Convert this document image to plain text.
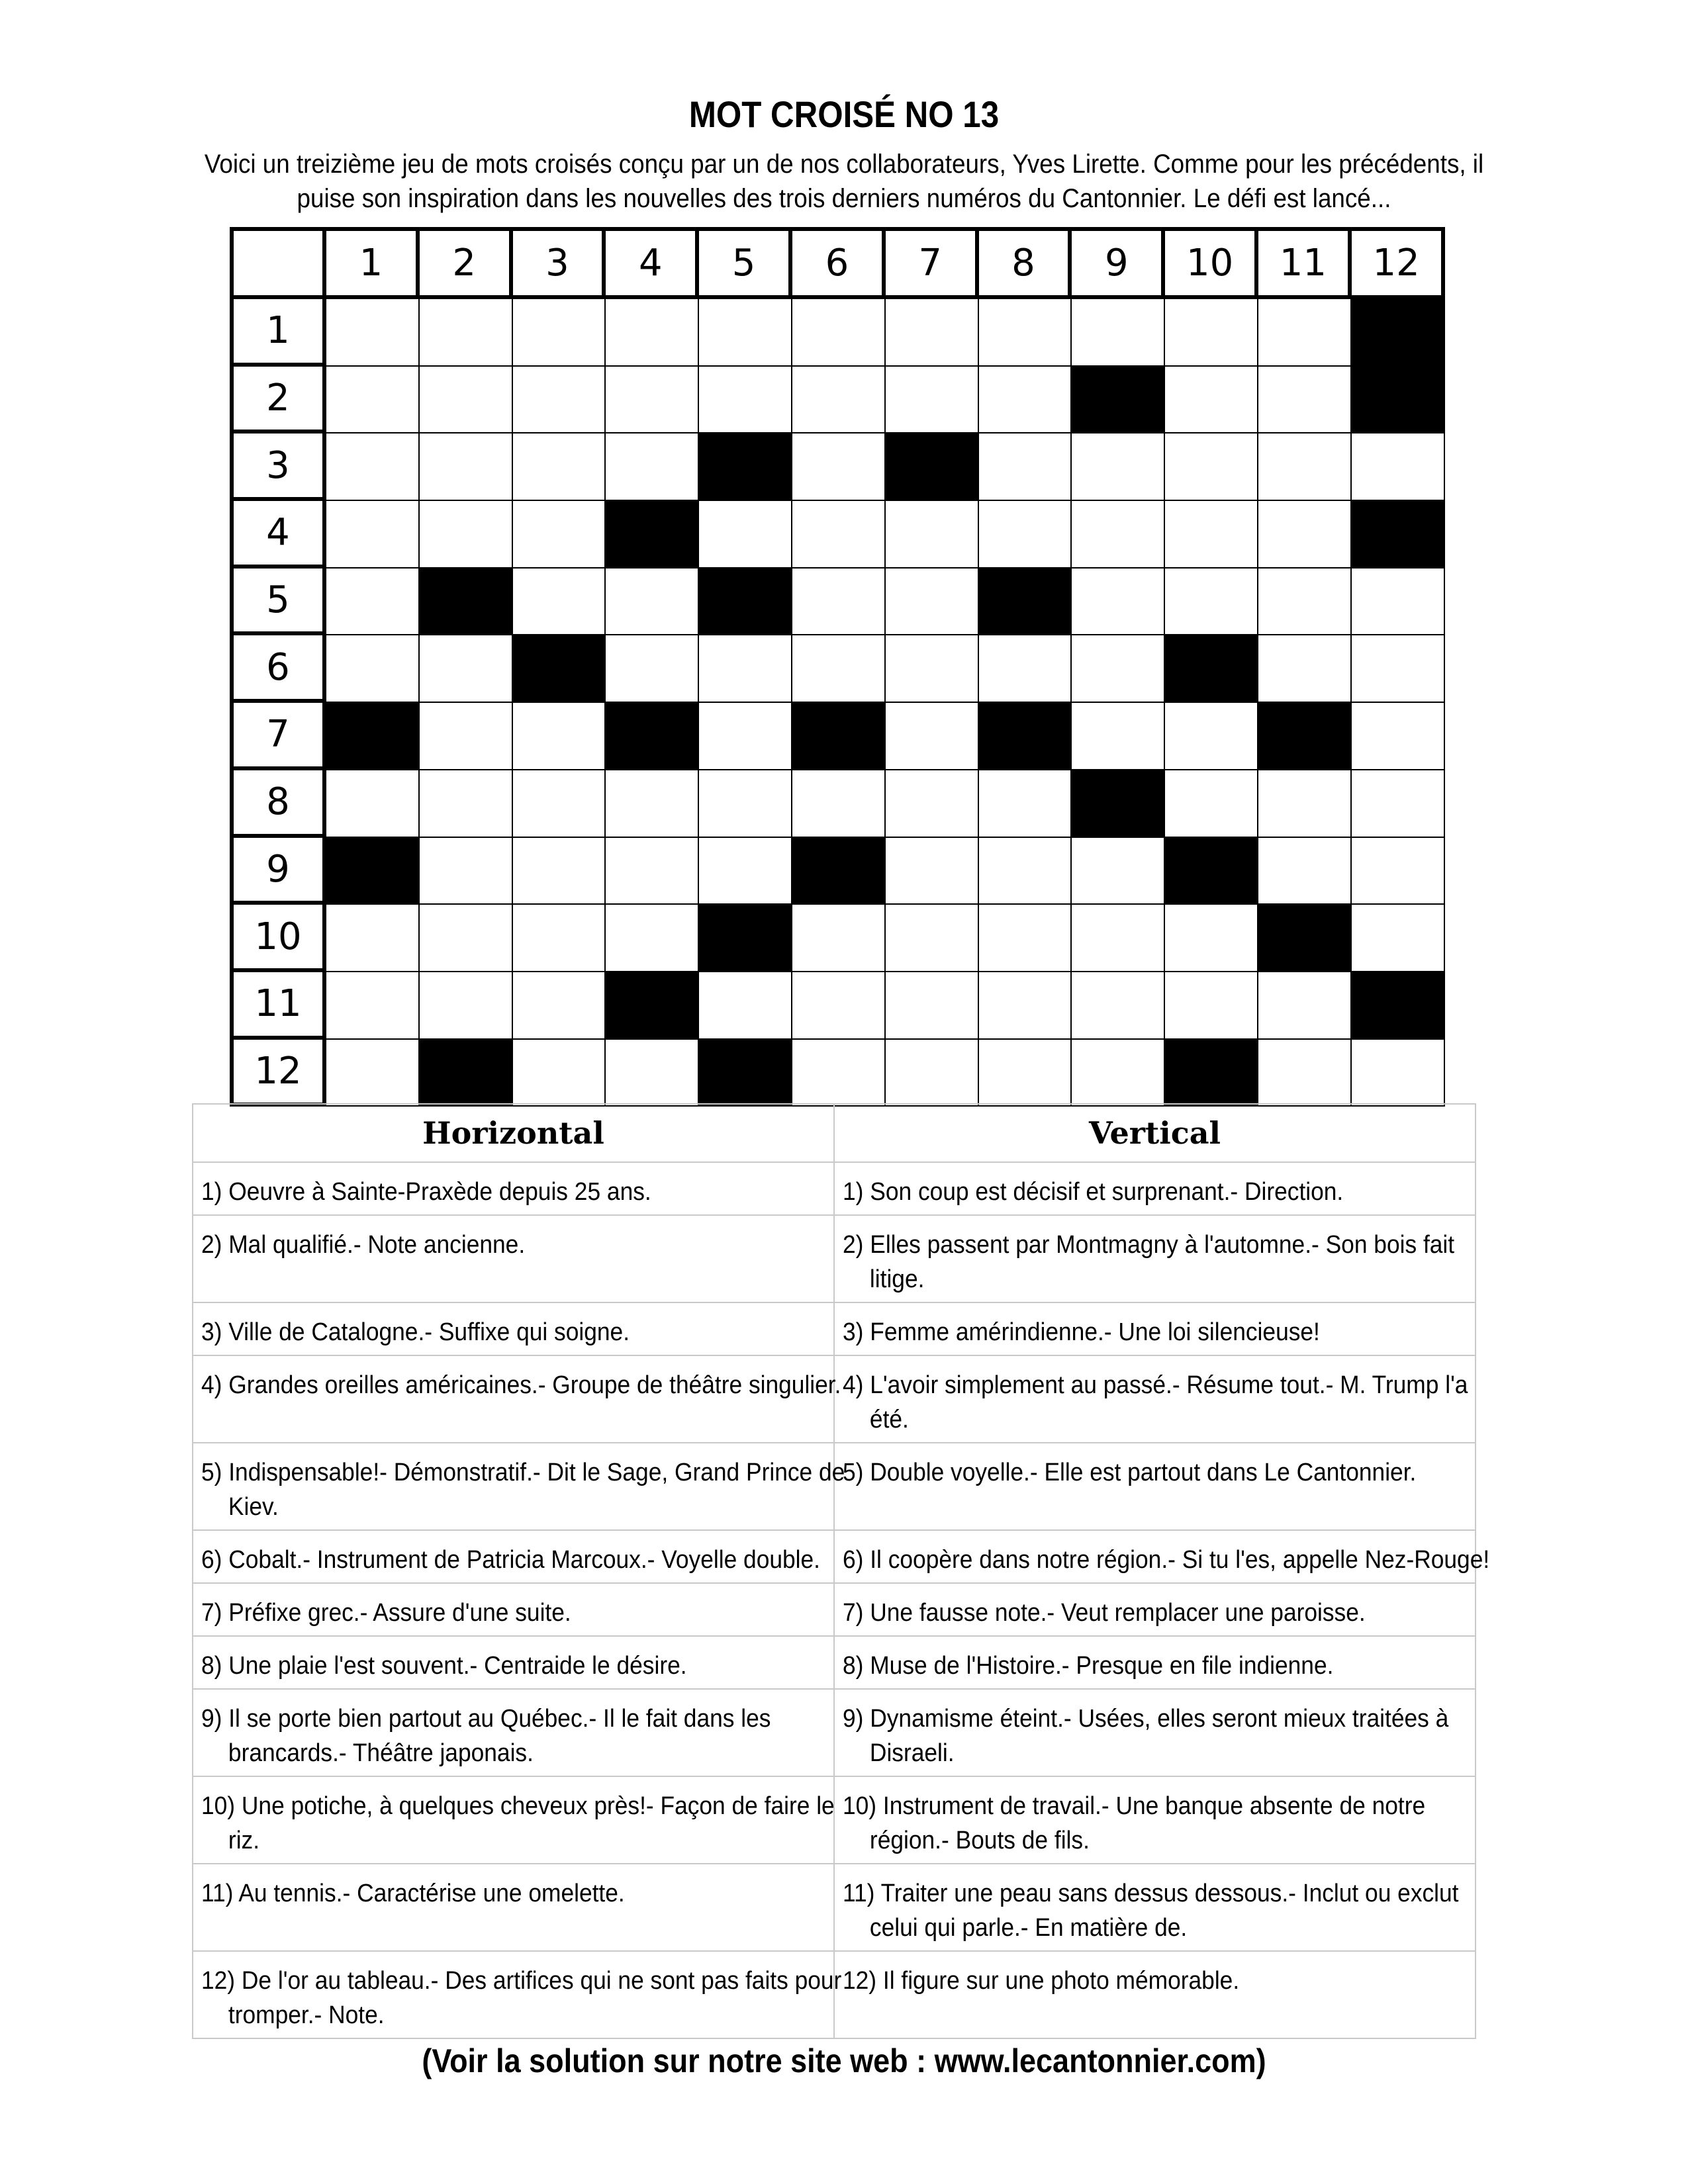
MOT CROISÉ NO 13
Voici un treizième jeu de mots croisés conçu par un de nos collaborateurs, Yves Lirette. Comme pour les précédents, il puise son inspiration dans les nouvelles des trois derniers numéros du Cantonnier. Le défi est lancé...
1	2	3	4	5	6	7	8	9	10	11	12
1
2
3
4
5
6
7
8
9
10
11
12
Horizontal	Vertical

1) Oeuvre à Sainte-Praxède depuis 25 ans.	1) Son coup est décisif et surprenant.- Direction.

2) Mal qualifié.- Note ancienne.	2) Elles passent par Montmagny à l'automne.- Son bois fait litige.

3) Ville de Catalogne.- Suffixe qui soigne.	3) Femme amérindienne.- Une loi silencieuse!

4) Grandes oreilles américaines.- Groupe de théâtre singulier.	4) L'avoir simplement au passé.- Résume tout.- M. Trump l'a été.

5) Indispensable!- Démonstratif.- Dit le Sage, Grand Prince de Kiev.	5) Double voyelle.- Elle est partout dans Le Cantonnier.

6) Cobalt.- Instrument de Patricia Marcoux.- Voyelle double.	6) Il coopère dans notre région.- Si tu l'es, appelle Nez-Rouge!

7) Préfixe grec.- Assure d'une suite.	7) Une fausse note.- Veut remplacer une paroisse.

8) Une plaie l'est souvent.- Centraide le désire.	8) Muse de l'Histoire.- Presque en file indienne.

9) Il se porte bien partout au Québec.- Il le fait dans les brancards.- Théâtre japonais.	9) Dynamisme éteint.- Usées, elles seront mieux traitées à Disraeli.

10) Une potiche, à quelques cheveux près!- Façon de faire le riz.	10) Instrument de travail.- Une banque absente de notre région.- Bouts de fils.

11) Au tennis.- Caractérise une omelette.	11) Traiter une peau sans dessus dessous.- Inclut ou exclut celui qui parle.- En matière de.

12) De l'or au tableau.- Des artifices qui ne sont pas faits pour tromper.- Note.	12) Il figure sur une photo mémorable.
(Voir la solution sur notre site web : www.lecantonnier.com)
